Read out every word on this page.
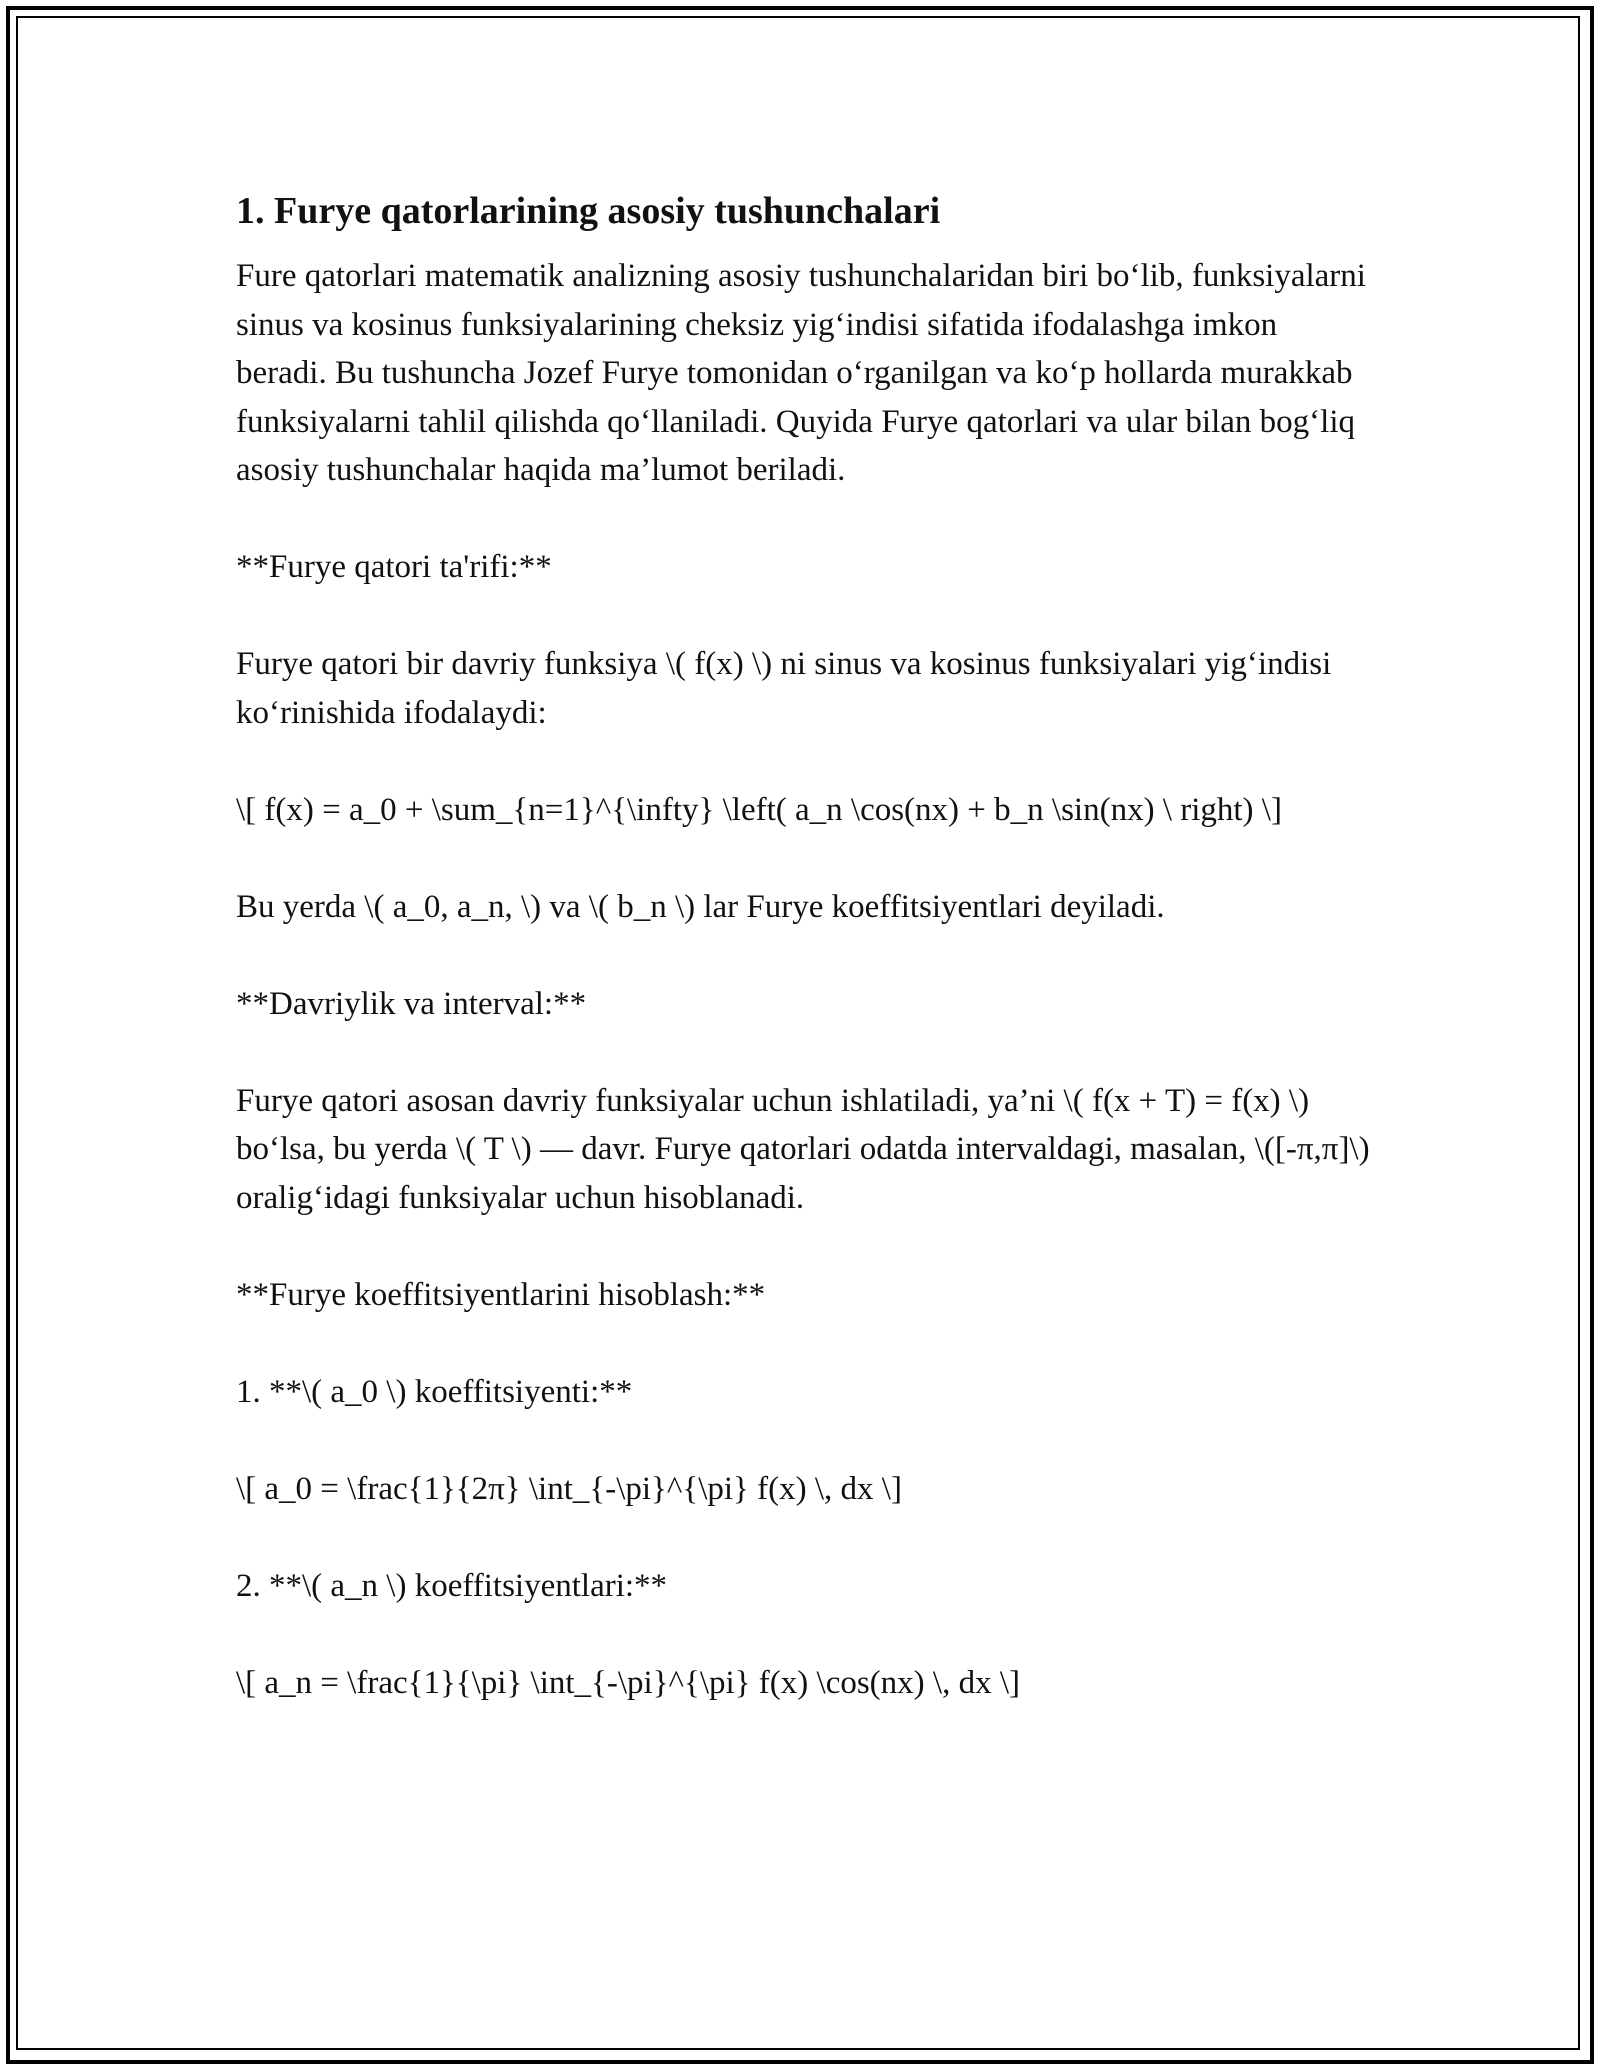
1. Furye qatorlarining asosiy tushunchalari

Fure qatorlari matematik analizning asosiy tushunchalaridan biri bo‘lib, funksiyalarni sinus va kosinus funksiyalarining cheksiz yig‘indisi sifatida ifodalashga imkon beradi. Bu tushuncha Jozef Furye tomonidan o‘rganilgan va ko‘p hollarda murakkab funksiyalarni tahlil qilishda qo‘llaniladi. Quyida Furye qatorlari va ular bilan bog‘liq asosiy tushunchalar haqida ma’lumot beriladi.

**Furye qatori ta'rifi:**

Furye qatori bir davriy funksiya \( f(x) \) ni sinus va kosinus funksiyalari yig‘indisi ko‘rinishida ifodalaydi:

\[ f(x) = a_0 + \sum_{n=1}^{\infty} \left( a_n \cos(nx) + b_n \sin(nx) \ right) \]

Bu yerda \( a_0, a_n, \) va \( b_n \) lar Furye koeffitsiyentlari deyiladi.

**Davriylik va interval:**

Furye qatori asosan davriy funksiyalar uchun ishlatiladi, ya’ni \( f(x + T) = f(x) \) bo‘lsa, bu yerda \( T \) — davr. Furye qatorlari odatda intervaldagi, masalan, \([-π,π]\) oralig‘idagi funksiyalar uchun hisoblanadi.

**Furye koeffitsiyentlarini hisoblash:**

1. **\( a_0 \) koeffitsiyenti:**

\[ a_0 = \frac{1}{2π} \int_{-\pi}^{\pi} f(x) \, dx \]

2. **\( a_n \) koeffitsiyentlari:**

\[ a_n = \frac{1}{\pi} \int_{-\pi}^{\pi} f(x) \cos(nx) \, dx \]
